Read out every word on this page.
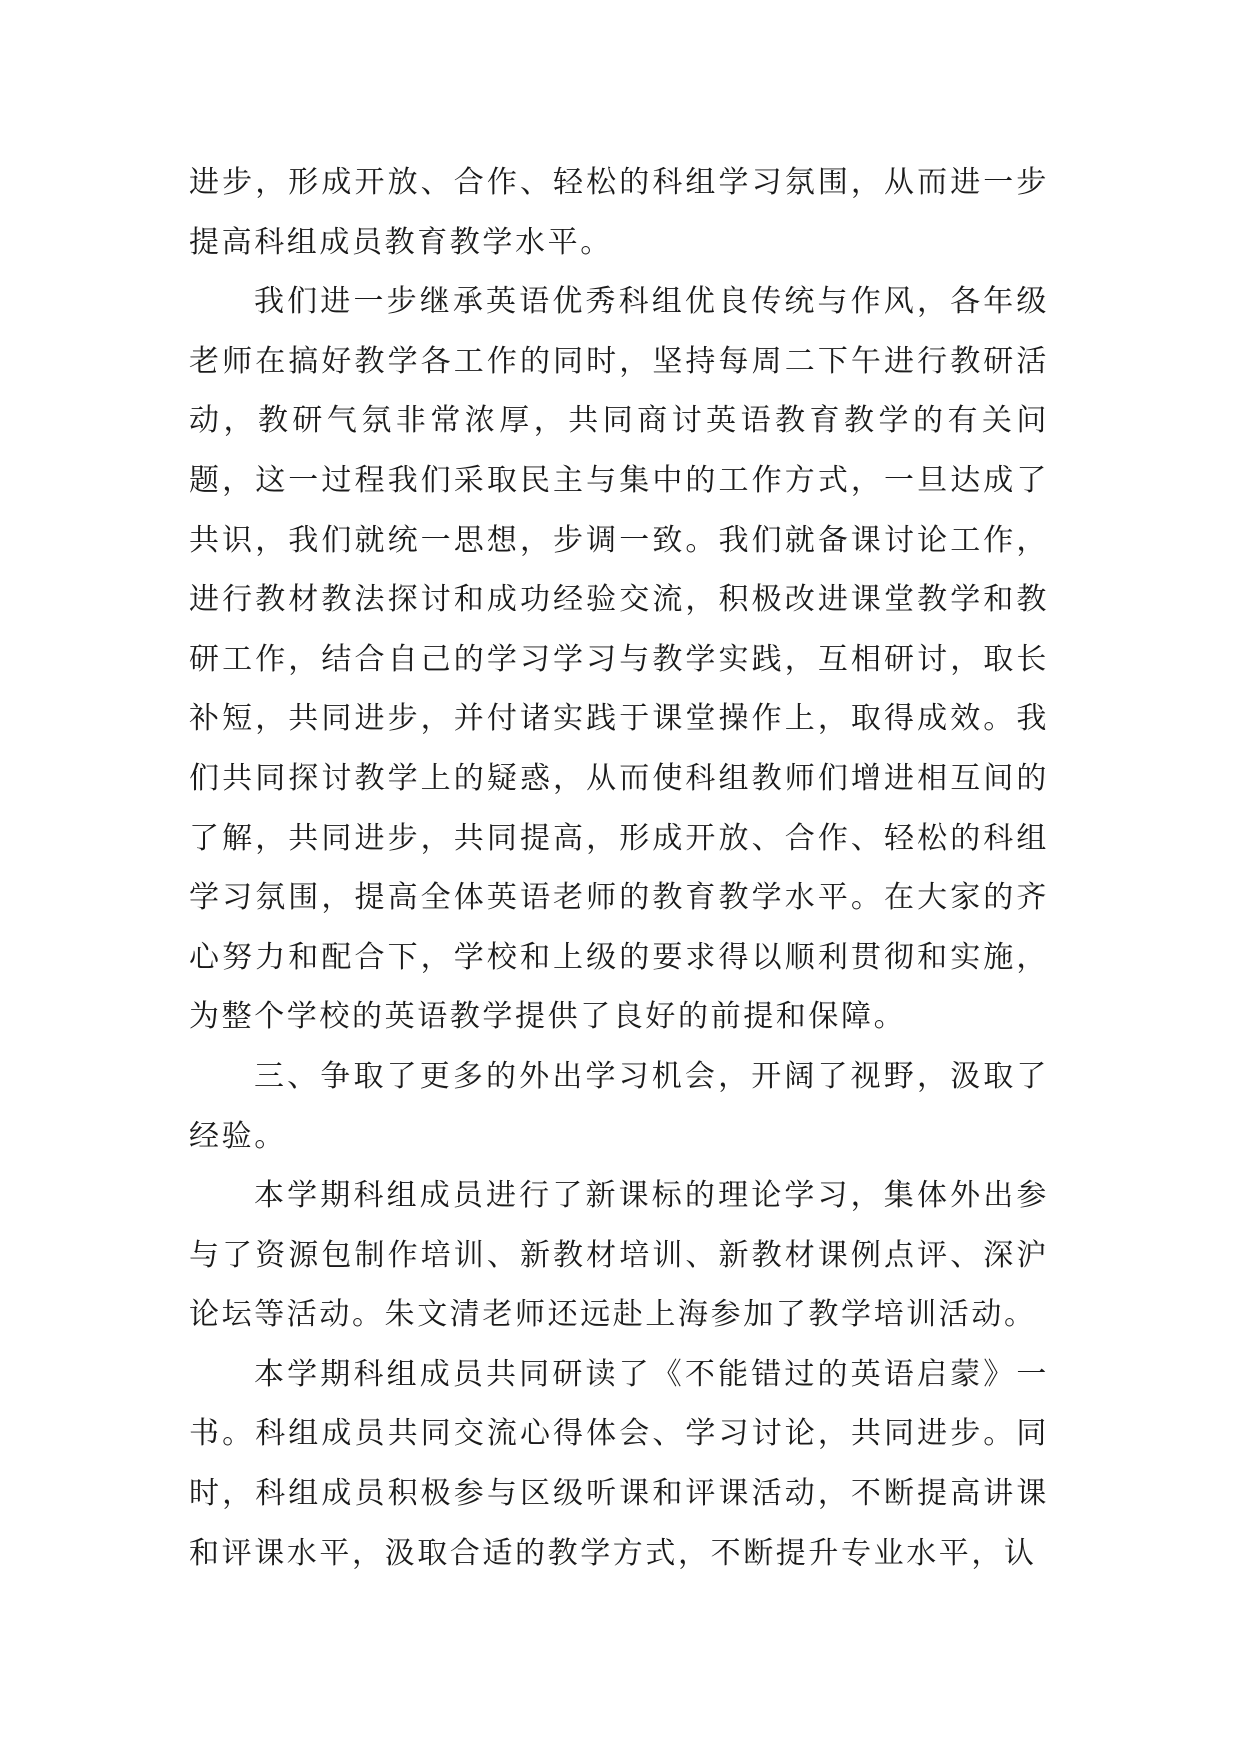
进步，形成开放、合作、轻松的科组学习氛围，从而进一步提高科组成员教育教学水平。

我们进一步继承英语优秀科组优良传统与作风，各年级老师在搞好教学各工作的同时，坚持每周二下午进行教研活动，教研气氛非常浓厚，共同商讨英语教育教学的有关问题，这一过程我们采取民主与集中的工作方式，一旦达成了共识，我们就统一思想，步调一致。我们就备课讨论工作，进行教材教法探讨和成功经验交流，积极改进课堂教学和教研工作，结合自己的学习学习与教学实践，互相研讨，取长补短，共同进步，并付诸实践于课堂操作上，取得成效。我们共同探讨教学上的疑惑，从而使科组教师们增进相互间的了解，共同进步，共同提高，形成开放、合作、轻松的科组学习氛围，提高全体英语老师的教育教学水平。在大家的齐心努力和配合下，学校和上级的要求得以顺利贯彻和实施，为整个学校的英语教学提供了良好的前提和保障。

三、争取了更多的外出学习机会，开阔了视野，汲取了经验。

本学期科组成员进行了新课标的理论学习，集体外出参与了资源包制作培训、新教材培训、新教材课例点评、深沪论坛等活动。朱文清老师还远赴上海参加了教学培训活动。

本学期科组成员共同研读了《不能错过的英语启蒙》一书。科组成员共同交流心得体会、学习讨论，共同进步。同时，科组成员积极参与区级听课和评课活动，不断提高讲课和评课水平，汲取合适的教学方式，不断提升专业水平，认
